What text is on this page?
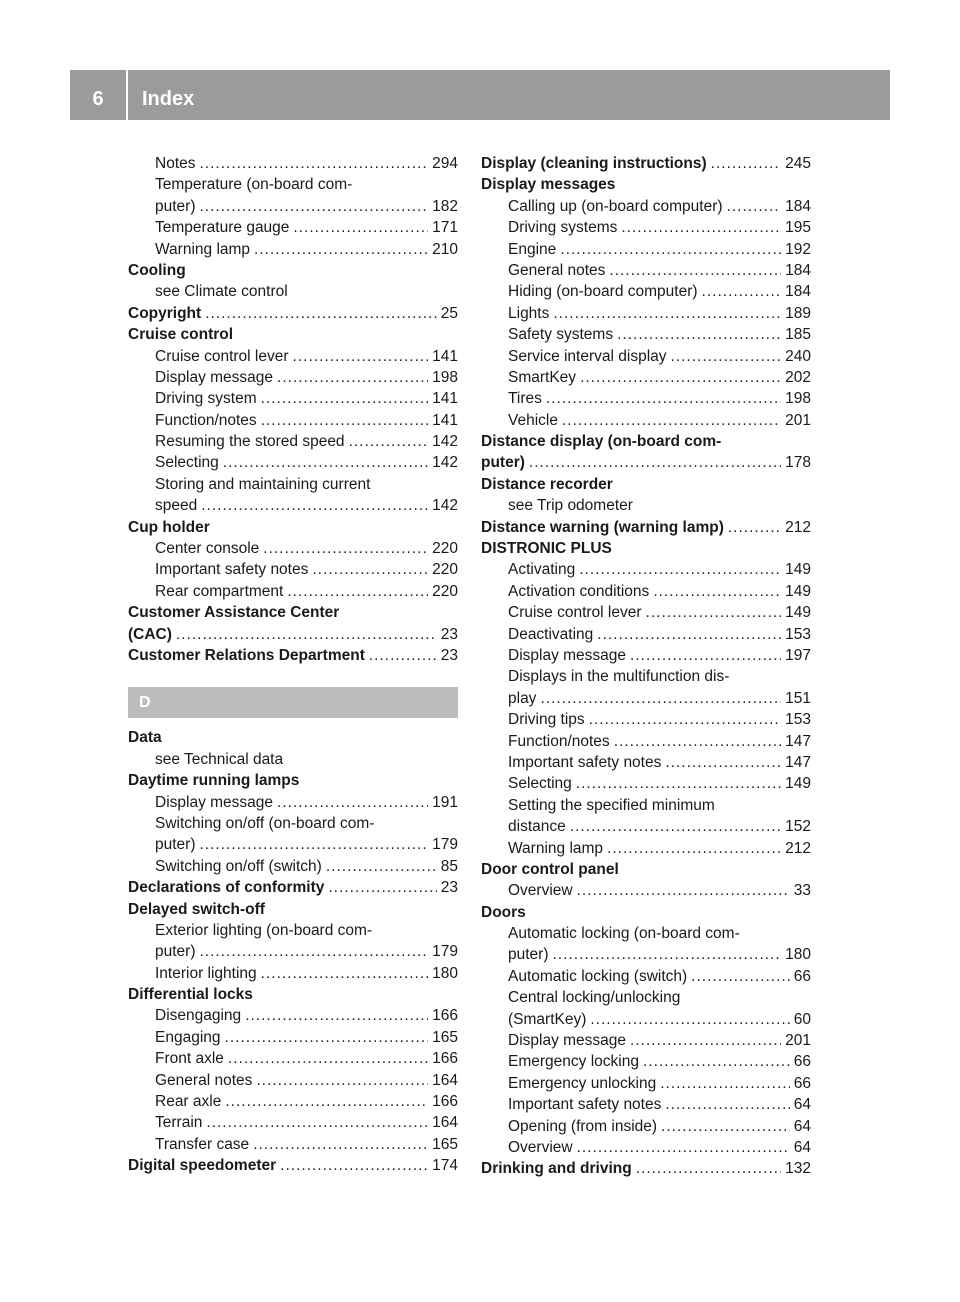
6	Index
Notes .....	294
Temperature (on-board com-
puter) .....	182
Temperature gauge .....	171
Warning lamp .....	210
Cooling
see Climate control
Copyright .....	25
Cruise control
Cruise control lever .....	141
Display message .....	198
Driving system .....	141
Function/notes .....	141
Resuming the stored speed .....	142
Selecting .....	142
Storing and maintaining current
speed .....	142
Cup holder
Center console .....	220
Important safety notes .....	220
Rear compartment .....	220
Customer Assistance Center
(CAC) .....	23
Customer Relations Department .....	23
D
Data
see Technical data
Daytime running lamps
Display message .....	191
Switching on/off (on-board com-
puter) .....	179
Switching on/off (switch) .....	85
Declarations of conformity .....	23
Delayed switch-off
Exterior lighting (on-board com-
puter) .....	179
Interior lighting .....	180
Differential locks
Disengaging .....	166
Engaging .....	165
Front axle .....	166
General notes .....	164
Rear axle .....	166
Terrain .....	164
Transfer case .....	165
Digital speedometer .....	174
Display (cleaning instructions) .....	245
Display messages
Calling up (on-board computer) .....	184
Driving systems .....	195
Engine .....	192
General notes .....	184
Hiding (on-board computer) .....	184
Lights .....	189
Safety systems .....	185
Service interval display .....	240
SmartKey .....	202
Tires .....	198
Vehicle .....	201
Distance display (on-board com-
puter) .....	178
Distance recorder
see Trip odometer
Distance warning (warning lamp) .....	212
DISTRONIC PLUS
Activating .....	149
Activation conditions .....	149
Cruise control lever .....	149
Deactivating .....	153
Display message .....	197
Displays in the multifunction dis-
play .....	151
Driving tips .....	153
Function/notes .....	147
Important safety notes .....	147
Selecting .....	149
Setting the specified minimum
distance .....	152
Warning lamp .....	212
Door control panel
Overview .....	33
Doors
Automatic locking (on-board com-
puter) .....	180
Automatic locking (switch) .....	66
Central locking/unlocking
(SmartKey) .....	60
Display message .....	201
Emergency locking .....	66
Emergency unlocking .....	66
Important safety notes .....	64
Opening (from inside) .....	64
Overview .....	64
Drinking and driving .....	132
